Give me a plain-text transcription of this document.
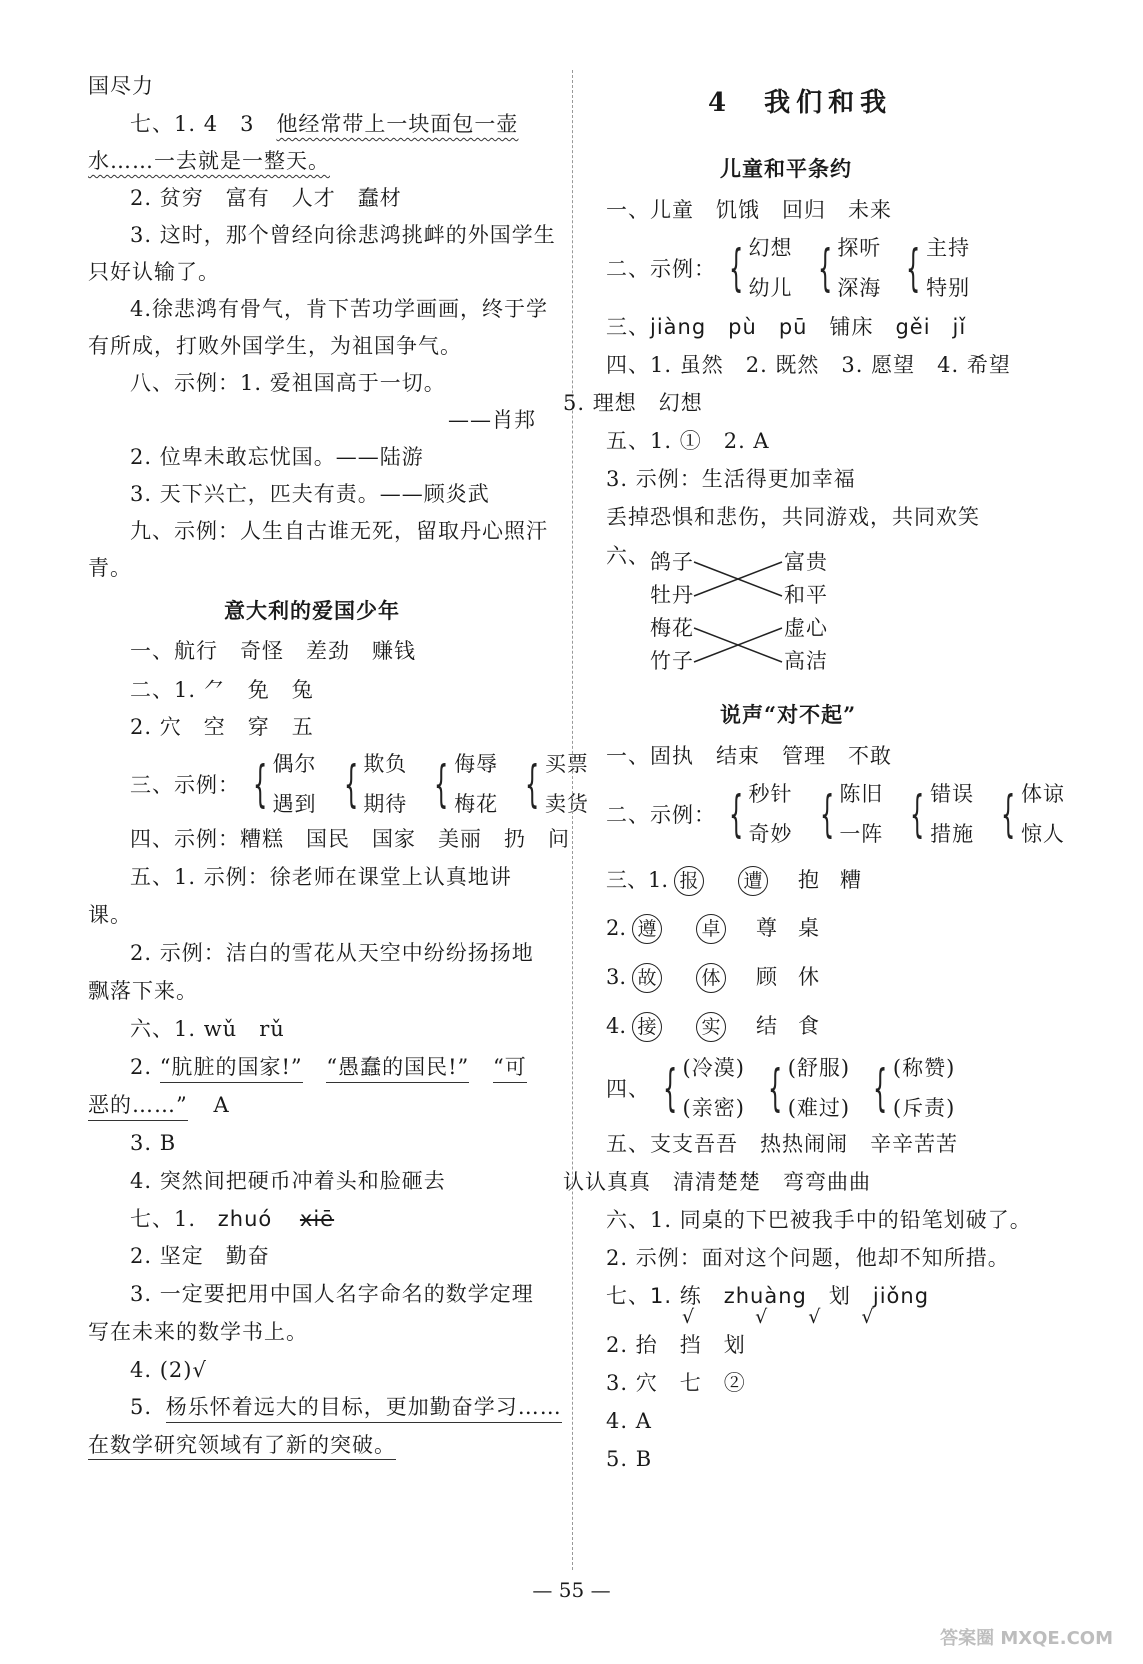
国尽力
七、1. 4　3　他经常带上一块面包一壶
水……一去就是一整天。
2. 贫穷　富有　人才　蠢材
3. 这时，那个曾经向徐悲鸿挑衅的外国学生
只好认输了。
4.徐悲鸿有骨气，肯下苦功学画画，终于学
有所成，打败外国学生，为祖国争气。
八、示例：1. 爱祖国高于一切。
——肖邦
2. 位卑未敢忘忧国。——陆游
3. 天下兴亡，匹夫有责。——顾炎武
九、示例：人生自古谁无死，留取丹心照汗
青。
意大利的爱国少年
一、航行　奇怪　差劲　赚钱
二、1. ⺈　免　兔
2. 穴　空　穿　五
三、示例： { 偶尔
遇到 { 欺负
期待 { 侮辱
梅花 { 买票
卖货
四、示例：糟糕　国民　国家　美丽　扔　问
五、1. 示例：徐老师在课堂上认真地讲
课。
2. 示例：洁白的雪花从天空中纷纷扬扬地
飘落下来。
六、1. wǔ　rǔ
2. “肮脏的国家!” “愚蠢的国民!” “可
恶的……” A
3. B
4. 突然间把硬币冲着头和脸砸去
七、1. zhuó xiē
2. 坚定　勤奋
3. 一定要把用中国人名字命名的数学定理
写在未来的数学书上。
4. (2)√
5. 杨乐怀着远大的目标，更加勤奋学习……
在数学研究领域有了新的突破。
4　我们和我
儿童和平条约
一、儿童　饥饿　回归　未来
二、示例： { 幻想
幼儿 { 探听
深海 { 主持
特别
三、jiàng　pù　pū　铺床　gěi　jǐ
四、1. 虽然　2. 既然　3. 愿望　4. 希望
5. 理想　幻想
五、1. ①　2. A
3. 示例：生活得更加幸福
丢掉恐惧和悲伤，共同游戏，共同欢笑
六、 鸽子
牡丹
梅花
竹子
富贵
和平
虚心
高洁
说声“对不起”
一、固执　结束　管理　不敢
二、示例： { 秒针
奇妙 { 陈旧
一阵 { 错误
措施 { 体谅
惊人
三、1. 报 遭 抱　糟
2. 遵 卓 尊　桌
3. 故 体 顾　休
4. 接 实 结　食
四、 { (冷漠)
(亲密) { (舒服)
(难过) { (称赞)
(斥责)
五、支支吾吾　热热闹闹　辛辛苦苦
认认真真　清清楚楚　弯弯曲曲
六、1. 同桌的下巴被我手中的铅笔划破了。
2. 示例：面对这个问题，他却不知所措。
七、1. 练　zhuàng　划　jiǒng
√　　　√　　√　　√
2. 抬　挡　划
3. 穴　七　②
4. A
5. B
— 55 —
答案圈 MXQE.COM
